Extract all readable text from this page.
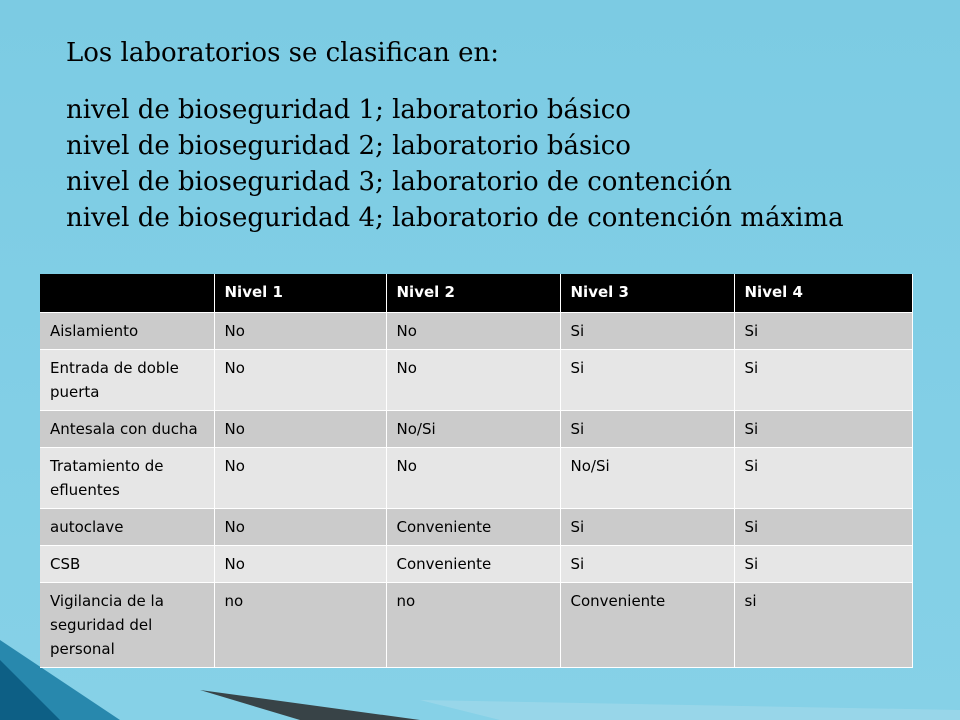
Los laboratorios se clasifican en:

nivel de bioseguridad 1; laboratorio básico
nivel de bioseguridad 2; laboratorio básico
nivel de bioseguridad 3; laboratorio de contención
nivel de bioseguridad 4; laboratorio de contención máxima
	Nivel 1	Nivel 2	Nivel 3	Nivel 4
Aislamiento	No	No	Si	Si
Entrada de doble puerta	No	No	Si	Si
Antesala con ducha	No	No/Si	Si	Si
Tratamiento de efluentes	No	No	No/Si	Si
autoclave	No	Conveniente	Si	Si
CSB	No	Conveniente	Si	Si
Vigilancia de la seguridad del personal	no	no	Conveniente	si
